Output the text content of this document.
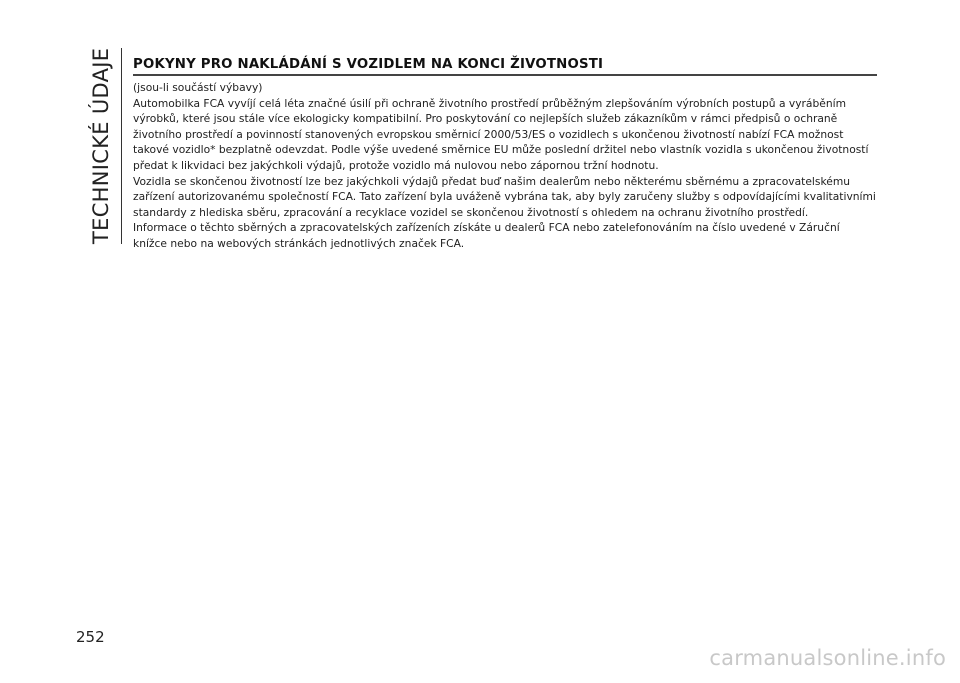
TECHNICKÉ ÚDAJE POKYNY PRO NAKLÁDÁNÍ S VOZIDLEM NA KONCI ŽIVOTNOSTI

(jsou-li součástí výbavy)

Automobilka FCA vyvíjí celá léta značné úsilí při ochraně životního prostředí průběžným zlepšováním výrobních postupů a vyráběním výrobků, které jsou stále více ekologicky kompatibilní. Pro poskytování co nejlepších služeb zákazníkům v rámci předpisů o ochraně životního prostředí a povinností stanovených evropskou směrnicí 2000/53/ES o vozidlech s ukončenou životností nabízí FCA možnost takové vozidlo* bezplatně odevzdat. Podle výše uvedené směrnice EU může poslední držitel nebo vlastník vozidla s ukončenou životností předat k likvidaci bez jakýchkoli výdajů, protože vozidlo má nulovou nebo zápornou tržní hodnotu.

Vozidla se skončenou životností lze bez jakýchkoli výdajů předat buď našim dealerům nebo některému sběrnému a zpracovatelskému zařízení autorizovanému společností FCA. Tato zařízení byla uváženě vybrána tak, aby byly zaručeny služby s odpovídajícími kvalitativními standardy z hlediska sběru, zpracování a recyklace vozidel se skončenou životností s ohledem na ochranu životního prostředí.

Informace o těchto sběrných a zpracovatelských zařízeních získáte u dealerů FCA nebo zatelefonováním na číslo uvedené v Záruční knížce nebo na webových stránkách jednotlivých značek FCA.

252
carmanualsonline.info
